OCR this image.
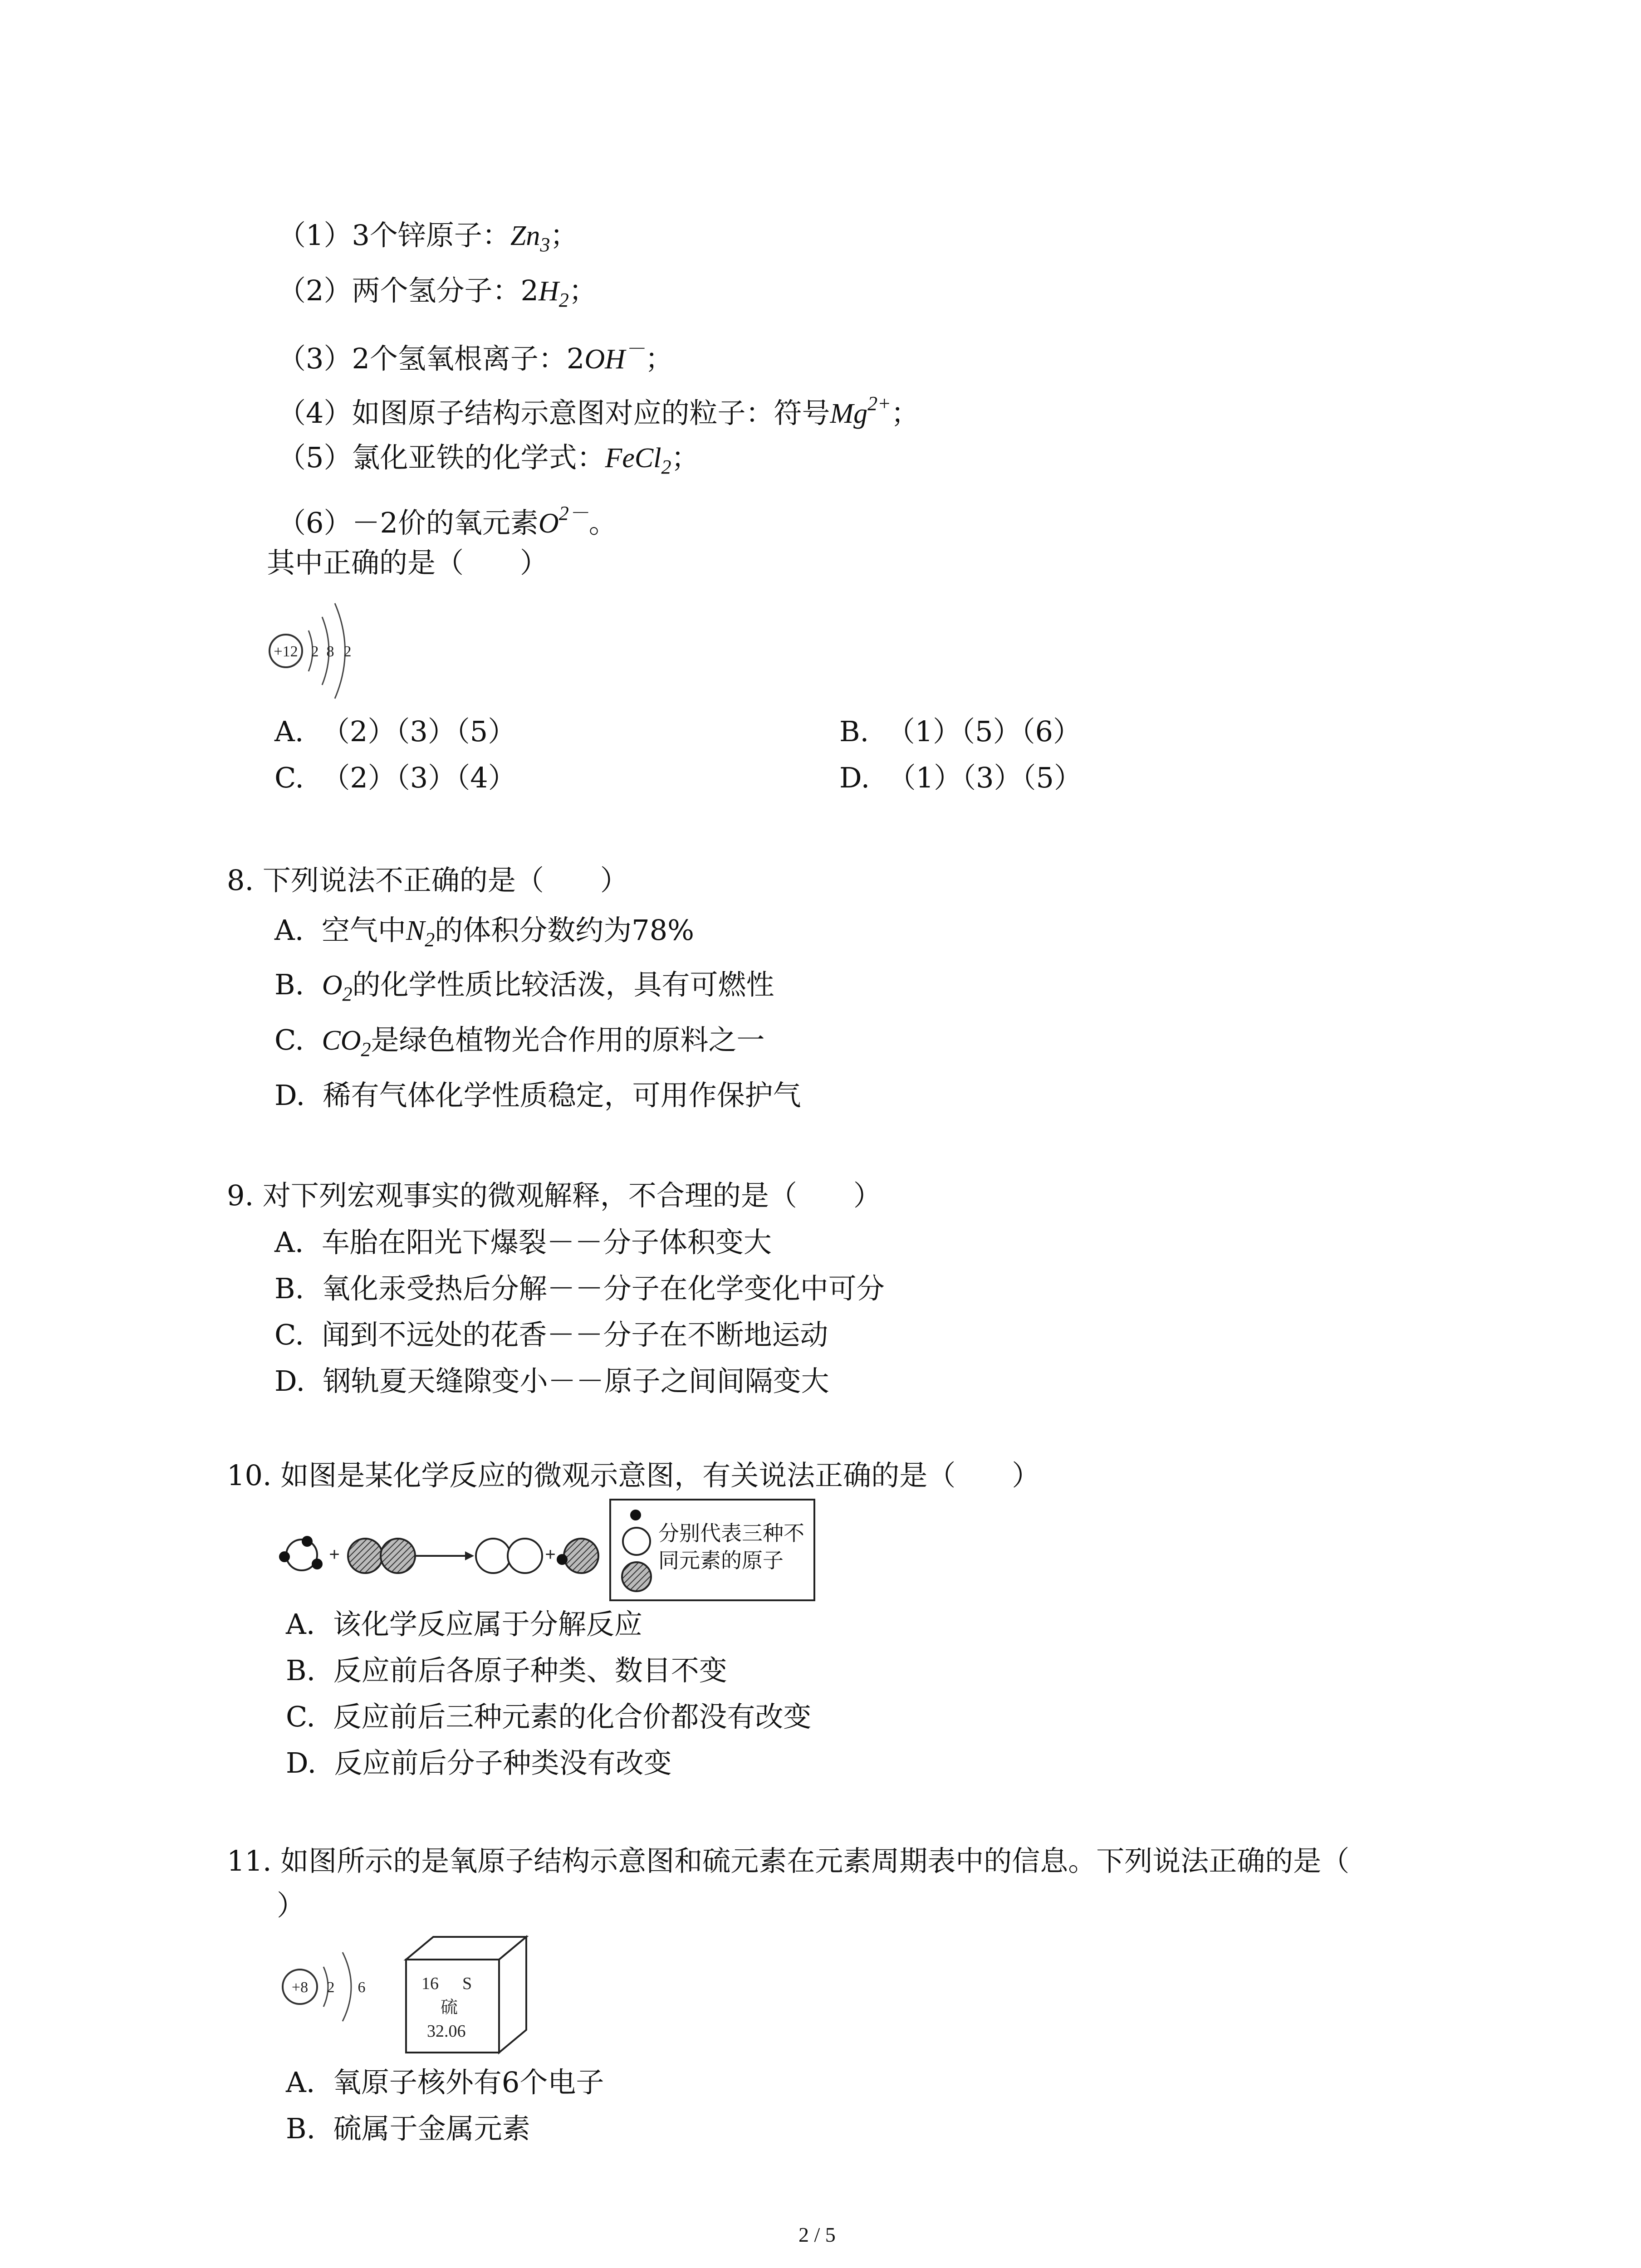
（1）3个锌原子：$Zn_3$；
（2）两个氢分子：$2H_2$；
（3）2个氢氧根离子：2OH－；
（4）如图原子结构示意图对应的粒子：符号$Mg^{2+}$；
（5）氯化亚铁的化学式：FeCl$_2$；
（6）－2价的氧元素$O^{2-}$。
其中正确的是（　　）
+12 2 8 2
A. （2）（3）（5）	B. （1）（5）（6）
C. （2）（3）（4）	D. （1）（3）（5）
8. 下列说法不正确的是（　　）
A. 空气中$N_2$的体积分数约为78%
B. $O_2$的化学性质比较活泼，具有可燃性
C. $CO_2$是绿色植物光合作用的原料之一
D. 稀有气体化学性质稳定，可用作保护气
9. 对下列宏观事实的微观解释，不合理的是（　　）
A. 车胎在阳光下爆裂－－分子体积变大
B. 氧化汞受热后分解－－分子在化学变化中可分
C. 闻到不远处的花香－－分子在不断地运动
D. 钢轨夏天缝隙变小－－原子之间间隔变大
10. 如图是某化学反应的微观示意图，有关说法正确的是（　　）
+	+
分别代表三种不
同元素的原子
A. 该化学反应属于分解反应
B. 反应前后各原子种类、数目不变
C. 反应前后三种元素的化合价都没有改变
D. 反应前后分子种类没有改变
11. 如图所示的是氧原子结构示意图和硫元素在元素周期表中的信息。下列说法正确的是（
）
+8 2 6	16 S
硫
32.06
A. 氧原子核外有6个电子
B. 硫属于金属元素
2 / 5
